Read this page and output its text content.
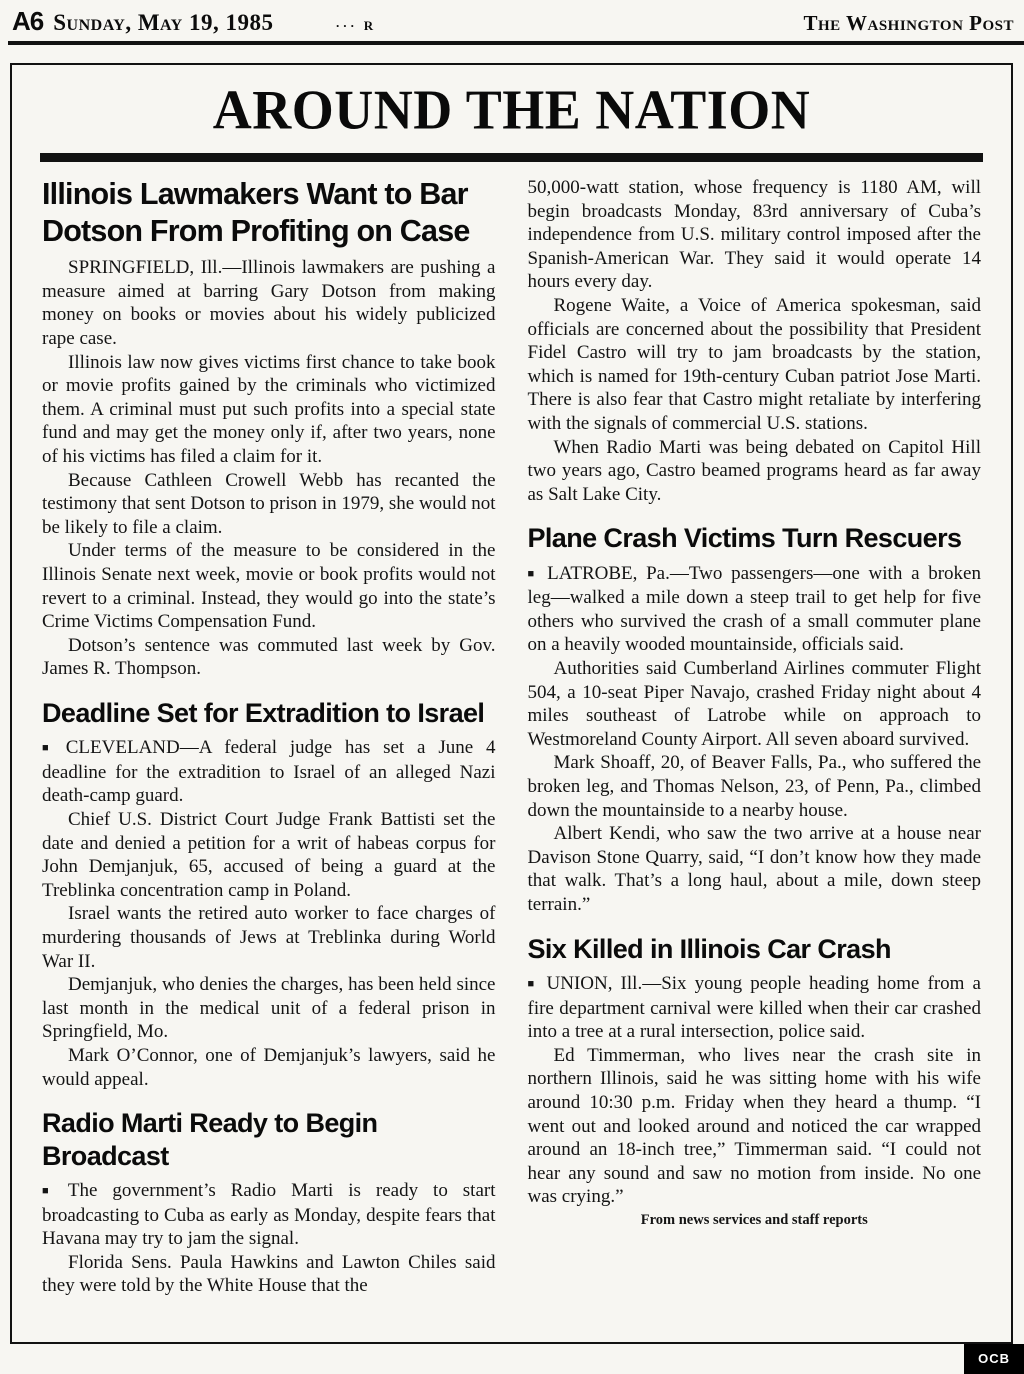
A6 Sunday, May 19, 1985	··· R	The Washington Post
AROUND THE NATION
Illinois Lawmakers Want to Bar Dotson From Profiting on Case

SPRINGFIELD, Ill.—Illinois lawmakers are pushing a measure aimed at barring Gary Dotson from making money on books or movies about his widely publicized rape case.

Illinois law now gives victims first chance to take book or movie profits gained by the criminals who victimized them. A criminal must put such profits into a special state fund and may get the money only if, after two years, none of his victims has filed a claim for it.

Because Cathleen Crowell Webb has recanted the testimony that sent Dotson to prison in 1979, she would not be likely to file a claim.

Under terms of the measure to be considered in the Illinois Senate next week, movie or book profits would not revert to a criminal. Instead, they would go into the state’s Crime Victims Compensation Fund.

Dotson’s sentence was commuted last week by Gov. James R. Thompson.

Deadline Set for Extradition to Israel

■ CLEVELAND—A federal judge has set a June 4 deadline for the extradition to Israel of an alleged Nazi death-camp guard.

Chief U.S. District Court Judge Frank Battisti set the date and denied a petition for a writ of habeas corpus for John Demjanjuk, 65, accused of being a guard at the Treblinka concentration camp in Poland.

Israel wants the retired auto worker to face charges of murdering thousands of Jews at Treblinka during World War II.

Demjanjuk, who denies the charges, has been held since last month in the medical unit of a federal prison in Springfield, Mo.

Mark O’Connor, one of Demjanjuk’s lawyers, said he would appeal.

Radio Marti Ready to Begin Broadcast

■ The government’s Radio Marti is ready to start broadcasting to Cuba as early as Monday, despite fears that Havana may try to jam the signal.

Florida Sens. Paula Hawkins and Lawton Chiles said they were told by the White House that the

50,000-watt station, whose frequency is 1180 AM, will begin broadcasts Monday, 83rd anniversary of Cuba’s independence from U.S. military control imposed after the Spanish-American War. They said it would operate 14 hours every day.

Rogene Waite, a Voice of America spokesman, said officials are concerned about the possibility that President Fidel Castro will try to jam broadcasts by the station, which is named for 19th-century Cuban patriot Jose Marti. There is also fear that Castro might retaliate by interfering with the signals of commercial U.S. stations.

When Radio Marti was being debated on Capitol Hill two years ago, Castro beamed programs heard as far away as Salt Lake City.

Plane Crash Victims Turn Rescuers

■ LATROBE, Pa.—Two passengers—one with a broken leg—walked a mile down a steep trail to get help for five others who survived the crash of a small commuter plane on a heavily wooded mountainside, officials said.

Authorities said Cumberland Airlines commuter Flight 504, a 10-seat Piper Navajo, crashed Friday night about 4 miles southeast of Latrobe while on approach to Westmoreland County Airport. All seven aboard survived.

Mark Shoaff, 20, of Beaver Falls, Pa., who suffered the broken leg, and Thomas Nelson, 23, of Penn, Pa., climbed down the mountainside to a nearby house.

Albert Kendi, who saw the two arrive at a house near Davison Stone Quarry, said, “I don’t know how they made that walk. That’s a long haul, about a mile, down steep terrain.”

Six Killed in Illinois Car Crash

■ UNION, Ill.—Six young people heading home from a fire department carnival were killed when their car crashed into a tree at a rural intersection, police said.

Ed Timmerman, who lives near the crash site in northern Illinois, said he was sitting home with his wife around 10:30 p.m. Friday when they heard a thump. “I went out and looked around and noticed the car wrapped around an 18-inch tree,” Timmerman said. “I could not hear any sound and saw no motion from inside. No one was crying.”

From news services and staff reports

OCB
